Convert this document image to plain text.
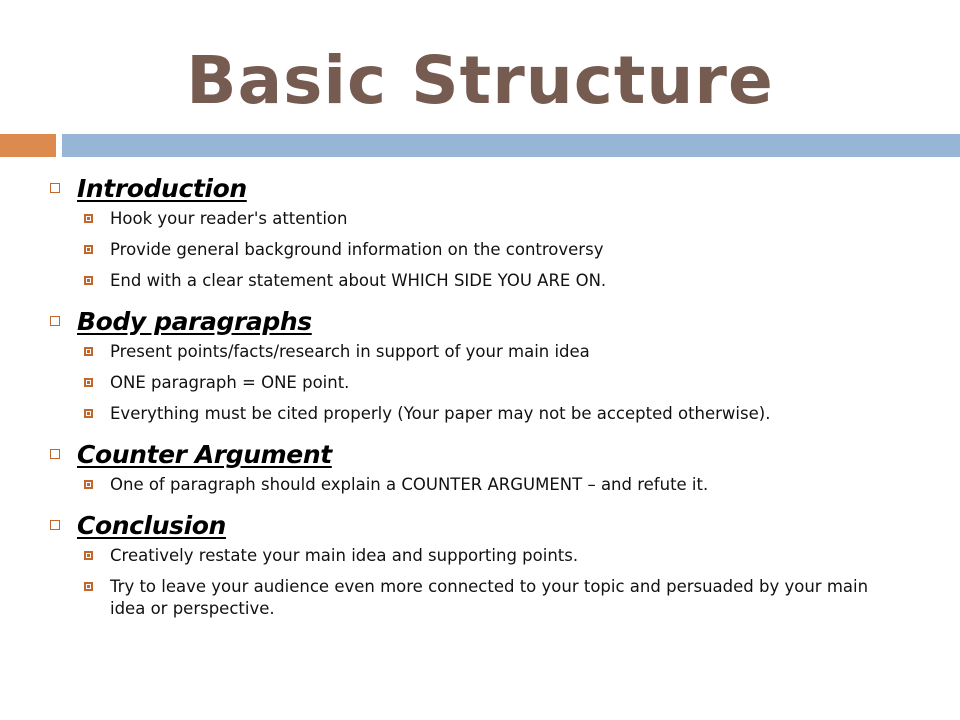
Basic Structure
Introduction
Hook your reader's attention
Provide general background information on the controversy
End with a clear statement about WHICH SIDE YOU ARE ON.
Body paragraphs
Present points/facts/research in support of your main idea
ONE paragraph = ONE point.
Everything must be cited properly (Your paper may not be accepted otherwise).
Counter Argument
One of paragraph should explain a COUNTER ARGUMENT – and refute it.
Conclusion
Creatively restate your main idea and supporting points.
Try to leave your audience even more connected to your topic and persuaded by your main idea or perspective.
